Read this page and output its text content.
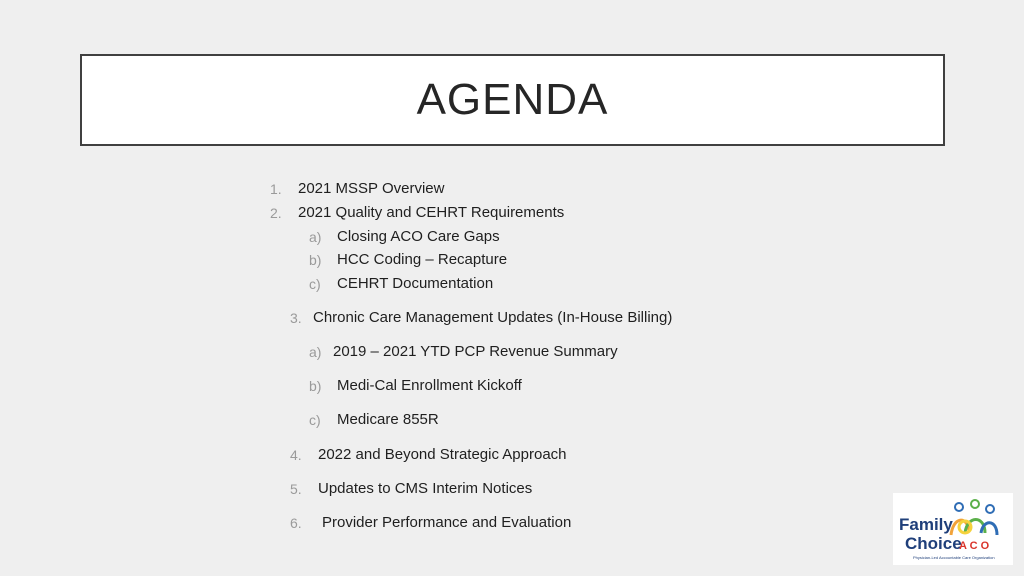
AGENDA
1. 2021 MSSP Overview
2. 2021 Quality and CEHRT Requirements
a) Closing ACO Care Gaps
b) HCC Coding – Recapture
c) CEHRT Documentation
3. Chronic Care Management Updates (In-House Billing)
a) 2019 – 2021 YTD PCP Revenue Summary
b) Medi-Cal Enrollment Kickoff
c) Medicare 855R
4. 2022 and Beyond Strategic Approach
5. Updates to CMS Interim Notices
6. Provider Performance and Evaluation	Family
Choice
A C O
Physician-Led Accountable Care Organization
